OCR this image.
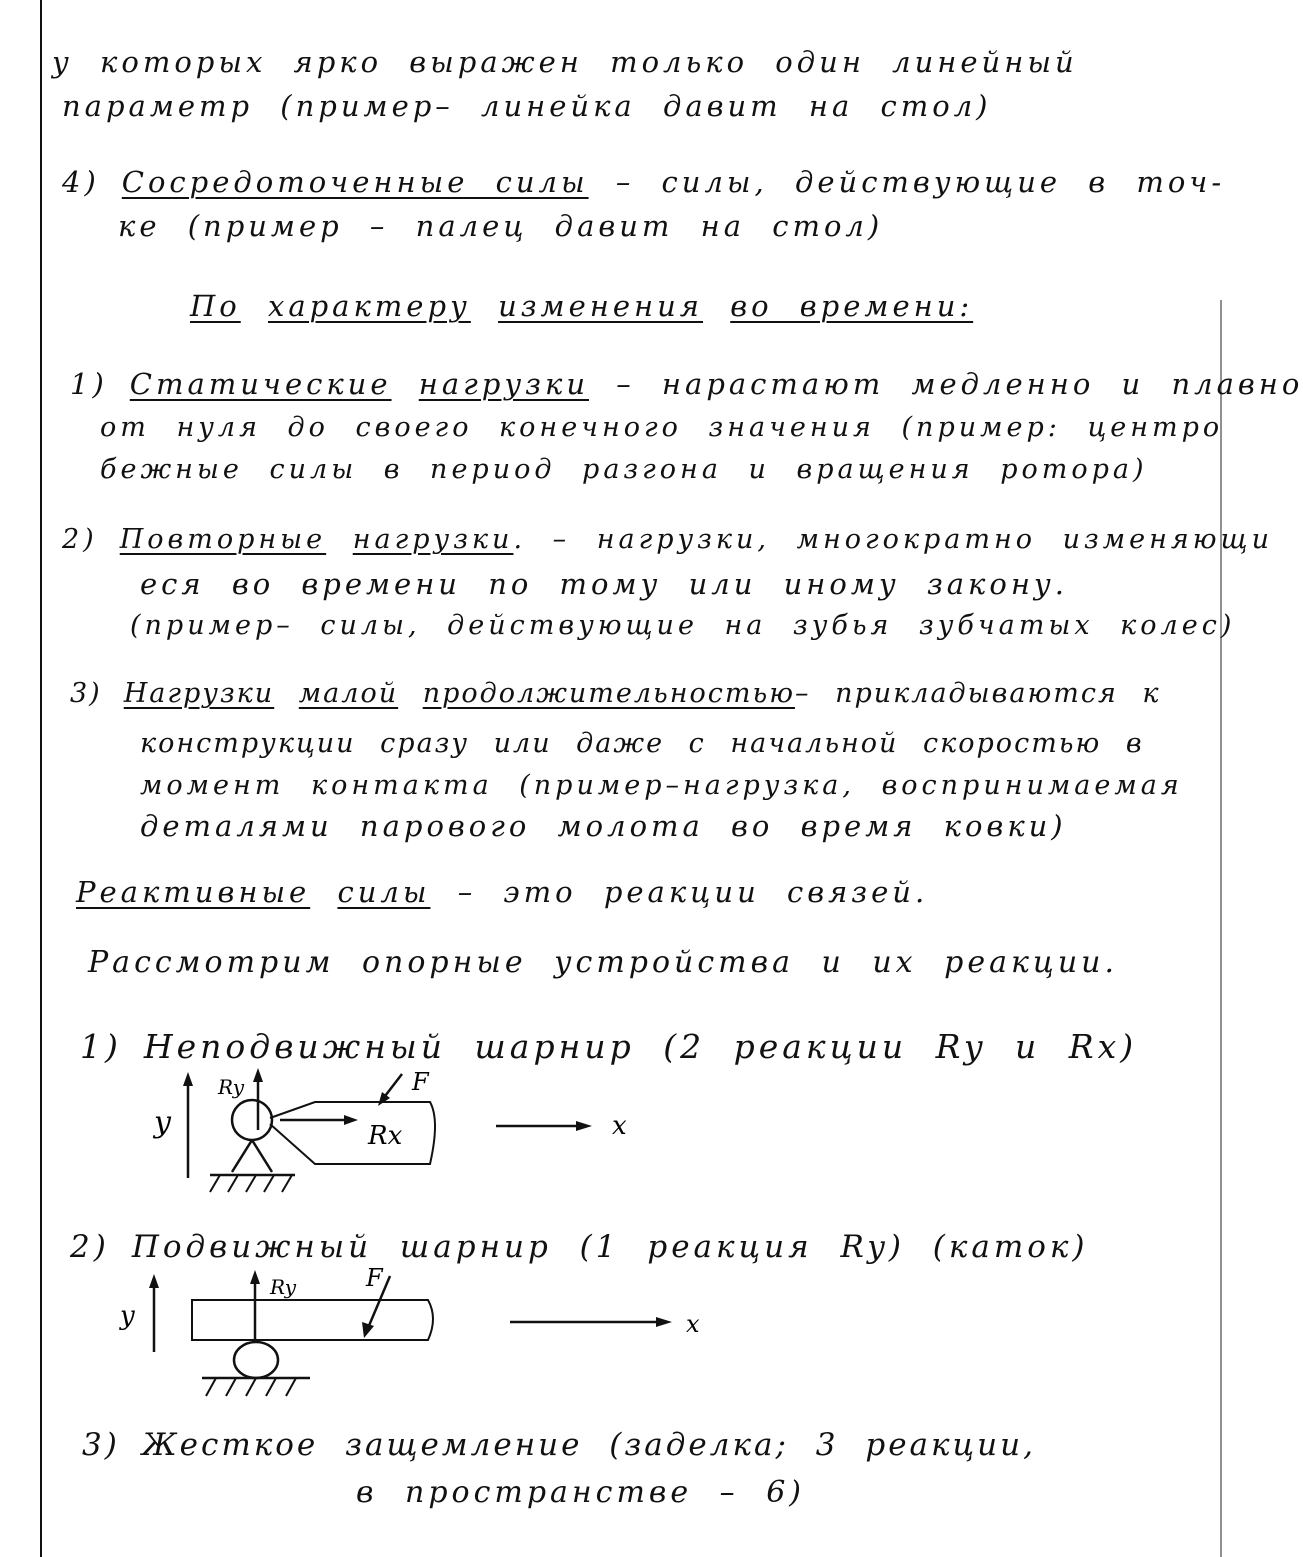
у которых ярко выражен только один линейный
параметр (пример– линейка давит на стол)
4) Сосредоточенные силы – силы, действующие в точ-
ке (пример – палец давит на стол)
По характеру изменения во времени:
1) Статические нагрузки – нарастают медленно и плавно
от нуля до своего конечного значения (пример: центро
бежные силы в период разгона и вращения ротора)
2) Повторные нагрузки. – нагрузки, многократно изменяющи
еся во времени по тому или иному закону.
(пример– силы, действующие на зубья зубчатых колес)
3) Нагрузки малой продолжительностью– прикладываются к
конструкции сразу или даже с начальной скоростью в
момент контакта (пример–нагрузка, воспринимаемая
деталями парового молота во время ковки)
Реактивные силы – это реакции связей.
Рассмотрим опорные устройства и их реакции.
1) Неподвижный шарнир (2 реакции Ry и Rx)
y
Ry
Rx
F
x
2) Подвижный шарнир (1 реакция Ry) (каток)
y
Ry	F
x
3) Жесткое защемление (заделка; 3 реакции,
в пространстве – 6)
